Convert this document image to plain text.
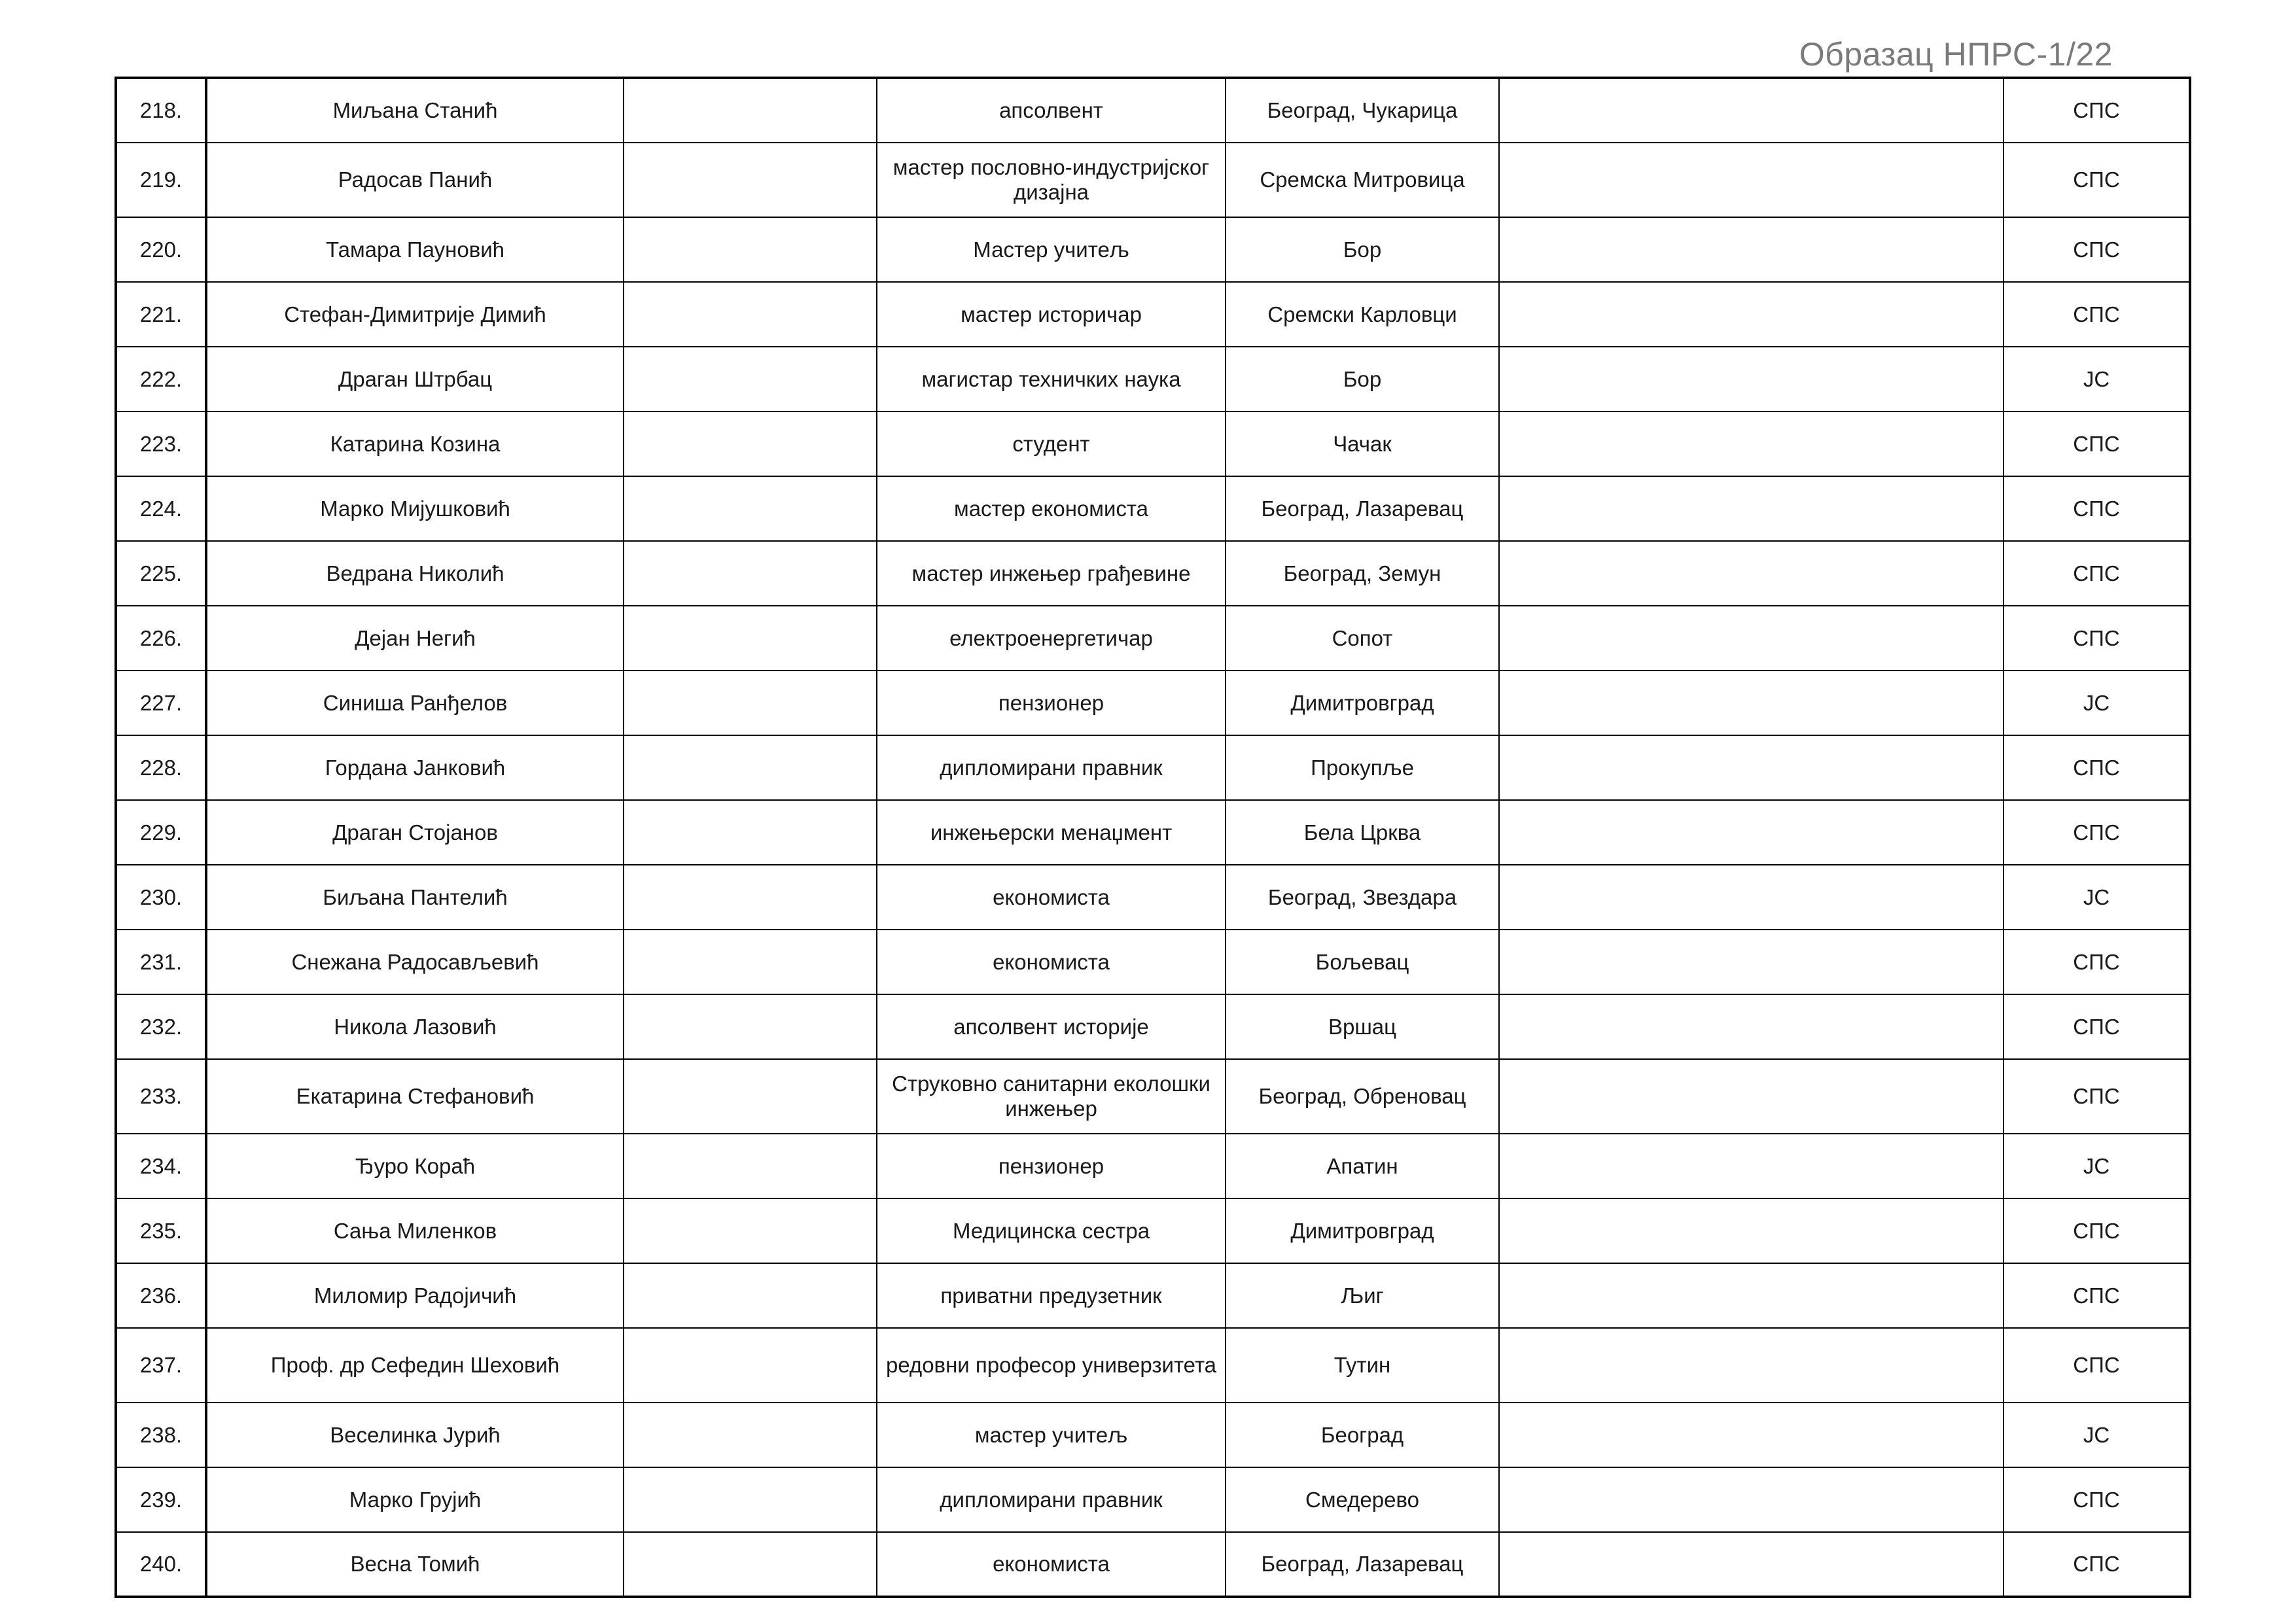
Образац НПРС-1/22
218.	Миљана Станић		апсолвент	Београд, Чукарица		СПС
219.	Радосав Панић		мастер пословно-индустријског дизајна	Сремска Митровица		СПС
220.	Тамара Пауновић		Мастер учитељ	Бор		СПС
221.	Стефан-Димитрије Димић		мастер историчар	Сремски Карловци		СПС
222.	Драган Штрбац		магистар техничких наука	Бор		ЈС
223.	Катарина Козина		студент	Чачак		СПС
224.	Марко Мијушковић		мастер економиста	Београд, Лазаревац		СПС
225.	Ведрана Николић		мастер инжењер грађевине	Београд, Земун		СПС
226.	Дејан Негић		електроенергетичар	Сопот		СПС
227.	Синиша Ранђелов		пензионер	Димитровград		ЈС
228.	Гордана Јанковић		дипломирани правник	Прокупље		СПС
229.	Драган Стојанов		инжењерски менаџмент	Бела Црква		СПС
230.	Биљана Пантелић		економиста	Београд, Звездара		ЈС
231.	Снежана Радосављевић		економиста	Бољевац		СПС
232.	Никола Лазовић		апсолвент историје	Вршац		СПС
233.	Екатарина Стефановић		Струковно санитарни еколошки инжењер	Београд, Обреновац		СПС
234.	Ђуро Кораћ		пензионер	Апатин		ЈС
235.	Сања Миленков		Медицинска сестра	Димитровград		СПС
236.	Миломир Радојичић		приватни предузетник	Љиг		СПС
237.	Проф. др Сефедин Шеховић		редовни професор универзитета	Тутин		СПС
238.	Веселинка Јурић		мастер учитељ	Београд		ЈС
239.	Марко Грујић		дипломирани правник	Смедерево		СПС
240.	Весна Томић		економиста	Београд, Лазаревац		СПС
